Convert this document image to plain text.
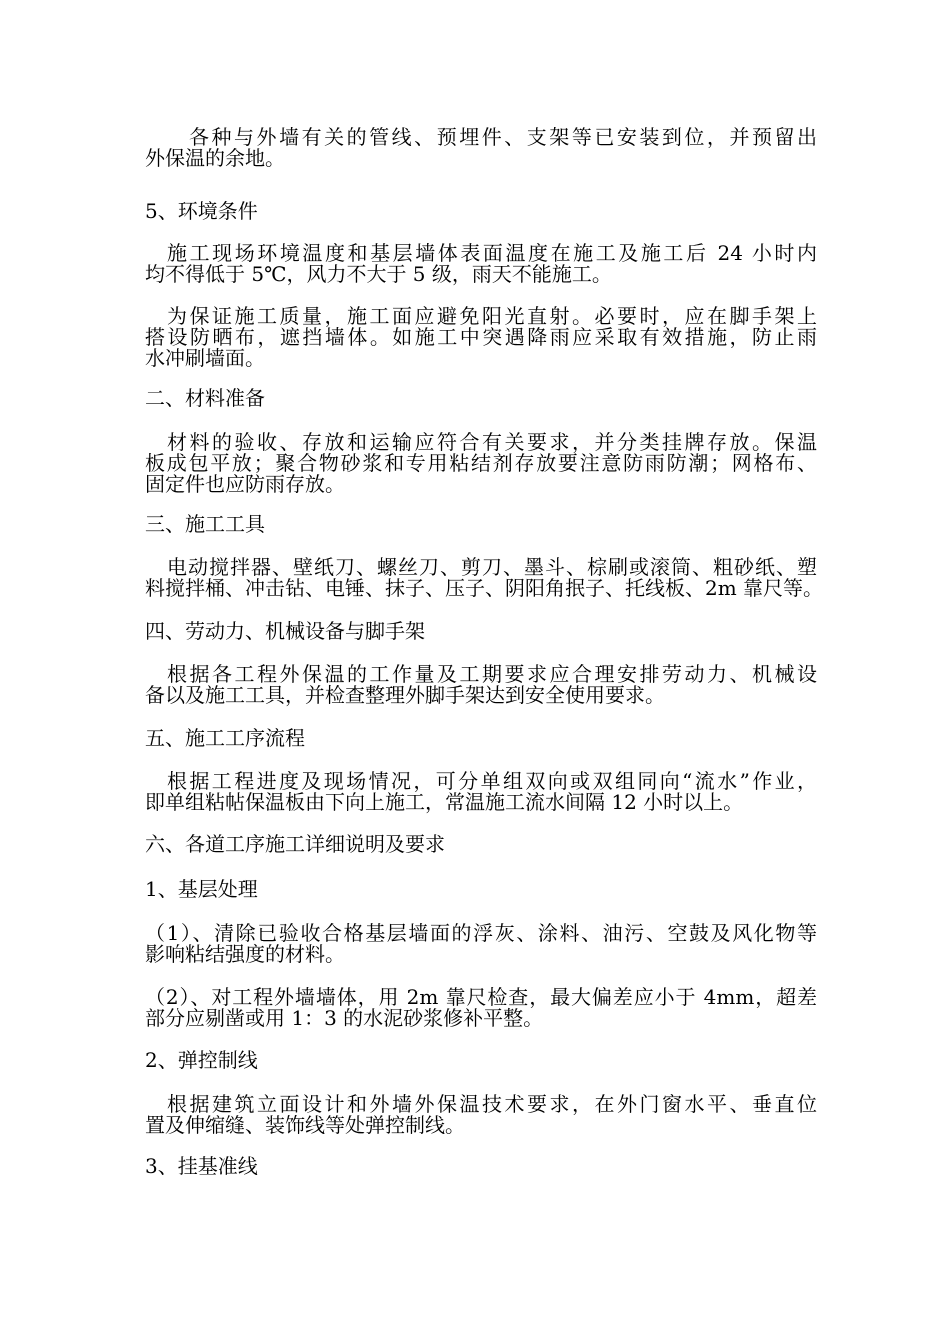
各种与外墙有关的管线、预埋件、支架等已安装到位，并预留出
外保温的余地。
5、环境条件
施工现场环境温度和基层墙体表面温度在施工及施工后 24 小时内
均不得低于 5℃，风力不大于 5 级，雨天不能施工。
为保证施工质量，施工面应避免阳光直射。必要时，应在脚手架上
搭设防晒布，遮挡墙体。如施工中突遇降雨应采取有效措施，防止雨
水冲刷墙面。
二、材料准备
材料的验收、存放和运输应符合有关要求，并分类挂牌存放。保温
板成包平放；聚合物砂浆和专用粘结剂存放要注意防雨防潮；网格布、
固定件也应防雨存放。
三、施工工具
电动搅拌器、壁纸刀、螺丝刀、剪刀、墨斗、棕刷或滚筒、粗砂纸、塑
料搅拌桶、冲击钻、电锤、抹子、压子、阴阳角抿子、托线板、2m 靠尺等。
四、劳动力、机械设备与脚手架
根据各工程外保温的工作量及工期要求应合理安排劳动力、机械设
备以及施工工具，并检查整理外脚手架达到安全使用要求。
五、施工工序流程
根据工程进度及现场情况，可分单组双向或双组同向“流水”作业，
即单组粘帖保温板由下向上施工，常温施工流水间隔 12 小时以上。
六、各道工序施工详细说明及要求
1、基层处理
（1）、清除已验收合格基层墙面的浮灰、涂料、油污、空鼓及风化物等
影响粘结强度的材料。
（2）、对工程外墙墙体，用 2m 靠尺检查，最大偏差应小于 4mm，超差
部分应剔凿或用 1：3 的水泥砂浆修补平整。
2、弹控制线
根据建筑立面设计和外墙外保温技术要求，在外门窗水平、垂直位
置及伸缩缝、装饰线等处弹控制线。
3、挂基准线
